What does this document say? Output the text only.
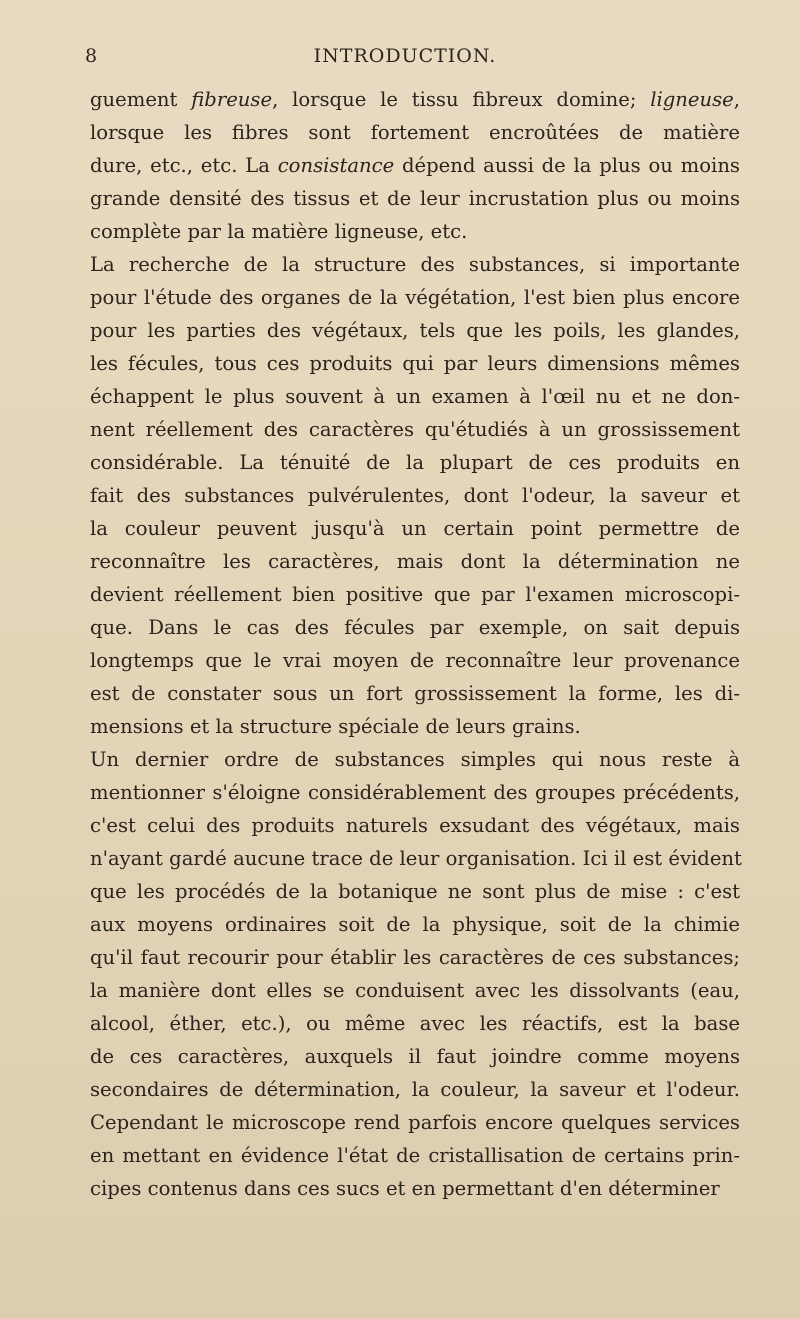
8	INTRODUCTION.
guement fibreuse, lorsque le tissu fibreux domine; ligneuse,
lorsque les fibres sont fortement encroûtées de matière
dure, etc., etc. La consistance dépend aussi de la plus ou moins
grande densité des tissus et de leur incrustation plus ou moins
complète par la matière ligneuse, etc.
La recherche de la structure des substances, si importante
pour l'étude des organes de la végétation, l'est bien plus encore
pour les parties des végétaux, tels que les poils, les glandes,
les fécules, tous ces produits qui par leurs dimensions mêmes
échappent le plus souvent à un examen à l'œil nu et ne don-
nent réellement des caractères qu'étudiés à un grossissement
considérable. La ténuité de la plupart de ces produits en
fait des substances pulvérulentes, dont l'odeur, la saveur et
la couleur peuvent jusqu'à un certain point permettre de
reconnaître les caractères, mais dont la détermination ne
devient réellement bien positive que par l'examen microscopi-
que. Dans le cas des fécules par exemple, on sait depuis
longtemps que le vrai moyen de reconnaître leur provenance
est de constater sous un fort grossissement la forme, les di-
mensions et la structure spéciale de leurs grains.
Un dernier ordre de substances simples qui nous reste à
mentionner s'éloigne considérablement des groupes précédents,
c'est celui des produits naturels exsudant des végétaux, mais
n'ayant gardé aucune trace de leur organisation. Ici il est évident
que les procédés de la botanique ne sont plus de mise : c'est
aux moyens ordinaires soit de la physique, soit de la chimie
qu'il faut recourir pour établir les caractères de ces substances;
la manière dont elles se conduisent avec les dissolvants (eau,
alcool, éther, etc.), ou même avec les réactifs, est la base
de ces caractères, auxquels il faut joindre comme moyens
secondaires de détermination, la couleur, la saveur et l'odeur.
Cependant le microscope rend parfois encore quelques services
en mettant en évidence l'état de cristallisation de certains prin-
cipes contenus dans ces sucs et en permettant d'en déterminer
